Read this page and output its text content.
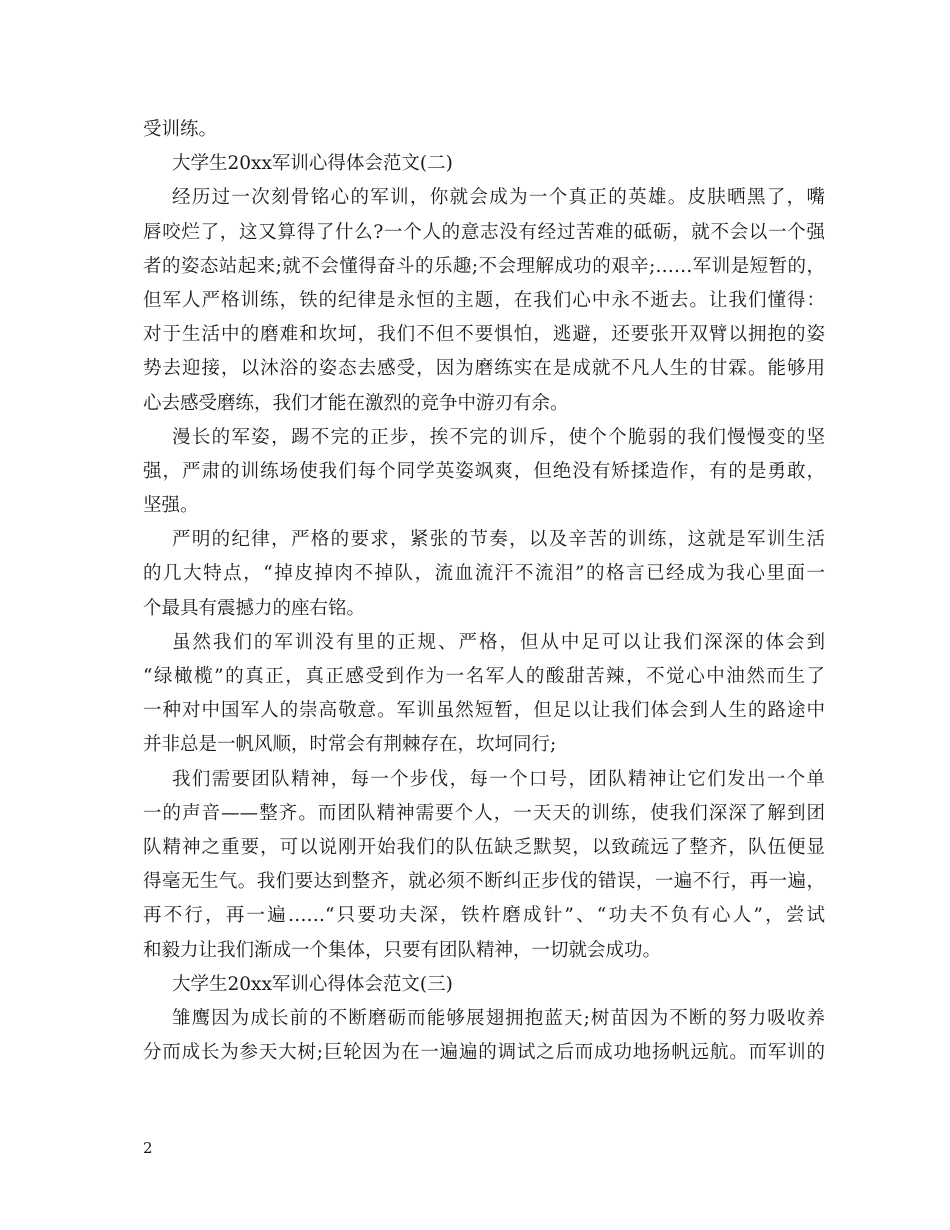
受训练。
大学生20xx军训心得体会范文(二)
经历过一次刻骨铭心的军训，你就会成为一个真正的英雄。皮肤晒黑了，嘴
唇咬烂了，这又算得了什么?一个人的意志没有经过苦难的砥砺，就不会以一个强
者的姿态站起来;就不会懂得奋斗的乐趣;不会理解成功的艰辛;……军训是短暂的，
但军人严格训练，铁的纪律是永恒的主题，在我们心中永不逝去。让我们懂得：
对于生活中的磨难和坎坷，我们不但不要惧怕，逃避，还要张开双臂以拥抱的姿
势去迎接，以沐浴的姿态去感受，因为磨练实在是成就不凡人生的甘霖。能够用
心去感受磨练，我们才能在激烈的竞争中游刃有余。
漫长的军姿，踢不完的正步，挨不完的训斥，使个个脆弱的我们慢慢变的坚
强，严肃的训练场使我们每个同学英姿飒爽，但绝没有矫揉造作，有的是勇敢，
坚强。
严明的纪律，严格的要求，紧张的节奏，以及辛苦的训练，这就是军训生活
的几大特点，“掉皮掉肉不掉队，流血流汗不流泪”的格言已经成为我心里面一
个最具有震撼力的座右铭。
虽然我们的军训没有里的正规、严格，但从中足可以让我们深深的体会到
“绿橄榄”的真正，真正感受到作为一名军人的酸甜苦辣，不觉心中油然而生了
一种对中国军人的崇高敬意。军训虽然短暂，但足以让我们体会到人生的路途中
并非总是一帆风顺，时常会有荆棘存在，坎坷同行;
我们需要团队精神，每一个步伐，每一个口号，团队精神让它们发出一个单
一的声音——整齐。而团队精神需要个人，一天天的训练，使我们深深了解到团
队精神之重要，可以说刚开始我们的队伍缺乏默契，以致疏远了整齐，队伍便显
得毫无生气。我们要达到整齐，就必须不断纠正步伐的错误，一遍不行，再一遍，
再不行，再一遍……“只要功夫深，铁杵磨成针”、“功夫不负有心人”，尝试
和毅力让我们渐成一个集体，只要有团队精神，一切就会成功。
大学生20xx军训心得体会范文(三)
雏鹰因为成长前的不断磨砺而能够展翅拥抱蓝天;树苗因为不断的努力吸收养
分而成长为参天大树;巨轮因为在一遍遍的调试之后而成功地扬帆远航。而军训的
2
